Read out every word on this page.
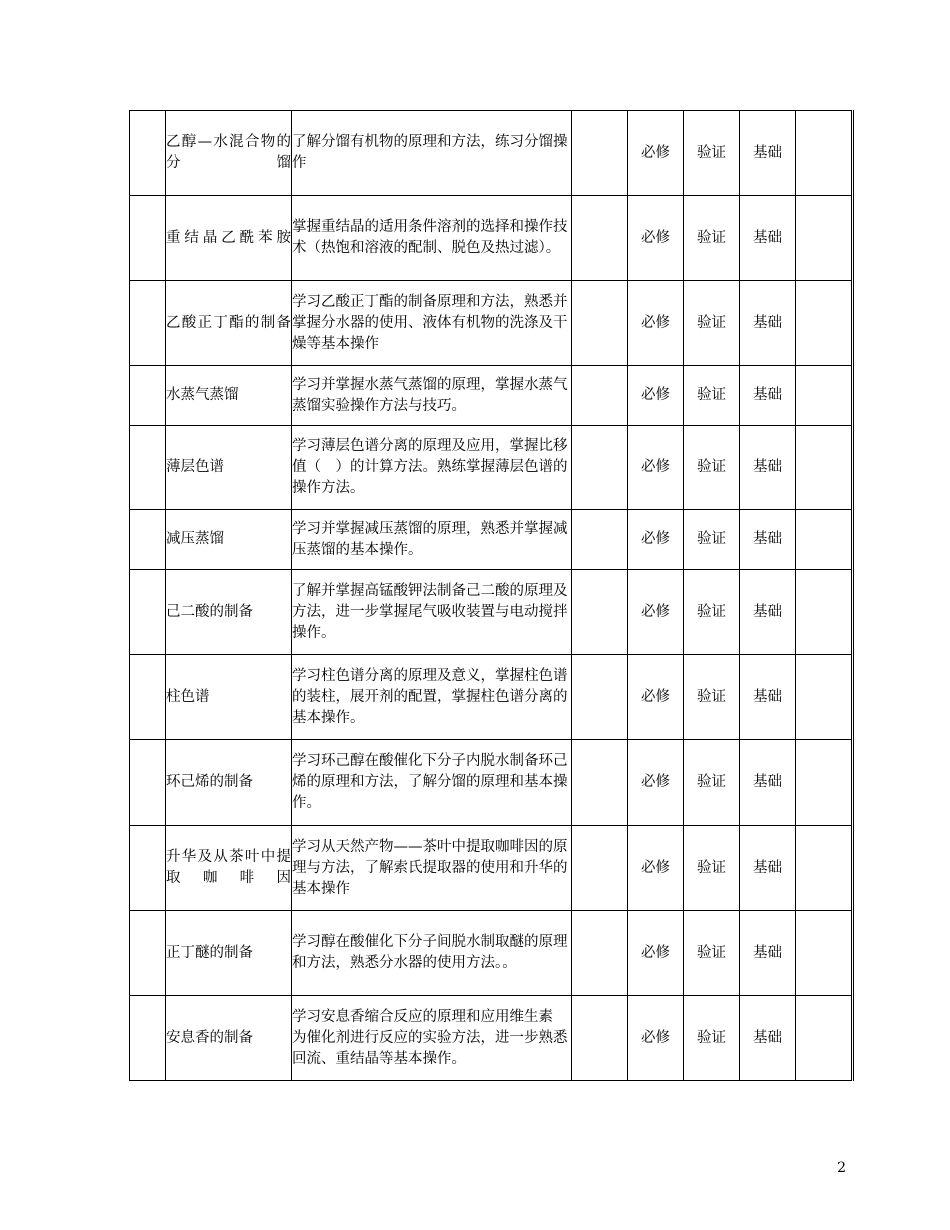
	乙醇—水混合物的分馏	了解分馏有机物的原理和方法，练习分馏操作		必修	验证	基础	
	重结晶乙酰苯胺	掌握重结晶的适用条件溶剂的选择和操作技术（热饱和溶液的配制、脱色及热过滤）。		必修	验证	基础	
	乙酸正丁酯的制备	学习乙酸正丁酯的制备原理和方法，熟悉并掌握分水器的使用、液体有机物的洗涤及干燥等基本操作		必修	验证	基础	
	水蒸气蒸馏	学习并掌握水蒸气蒸馏的原理，掌握水蒸气蒸馏实验操作方法与技巧。		必修	验证	基础	
	薄层色谱	学习薄层色谱分离的原理及应用，掌握比移值（　）的计算方法。熟练掌握薄层色谱的操作方法。		必修	验证	基础	
	减压蒸馏	学习并掌握减压蒸馏的原理，熟悉并掌握减压蒸馏的基本操作。		必修	验证	基础	
	己二酸的制备	了解并掌握高锰酸钾法制备己二酸的原理及方法，进一步掌握尾气吸收装置与电动搅拌操作。		必修	验证	基础	
	柱色谱	学习柱色谱分离的原理及意义，掌握柱色谱的装柱，展开剂的配置，掌握柱色谱分离的基本操作。		必修	验证	基础	
	环己烯的制备	学习环己醇在酸催化下分子内脱水制备环己烯的原理和方法，了解分馏的原理和基本操作。		必修	验证	基础	
	升华及从茶叶中提取咖啡因	学习从天然产物——茶叶中提取咖啡因的原理与方法，了解索氏提取器的使用和升华的基本操作		必修	验证	基础	
	正丁醚的制备	学习醇在酸催化下分子间脱水制取醚的原理和方法，熟悉分水器的使用方法。。		必修	验证	基础	
	安息香的制备	学习安息香缩合反应的原理和应用维生素　　为催化剂进行反应的实验方法，进一步熟悉回流、重结晶等基本操作。		必修	验证	基础	
2
